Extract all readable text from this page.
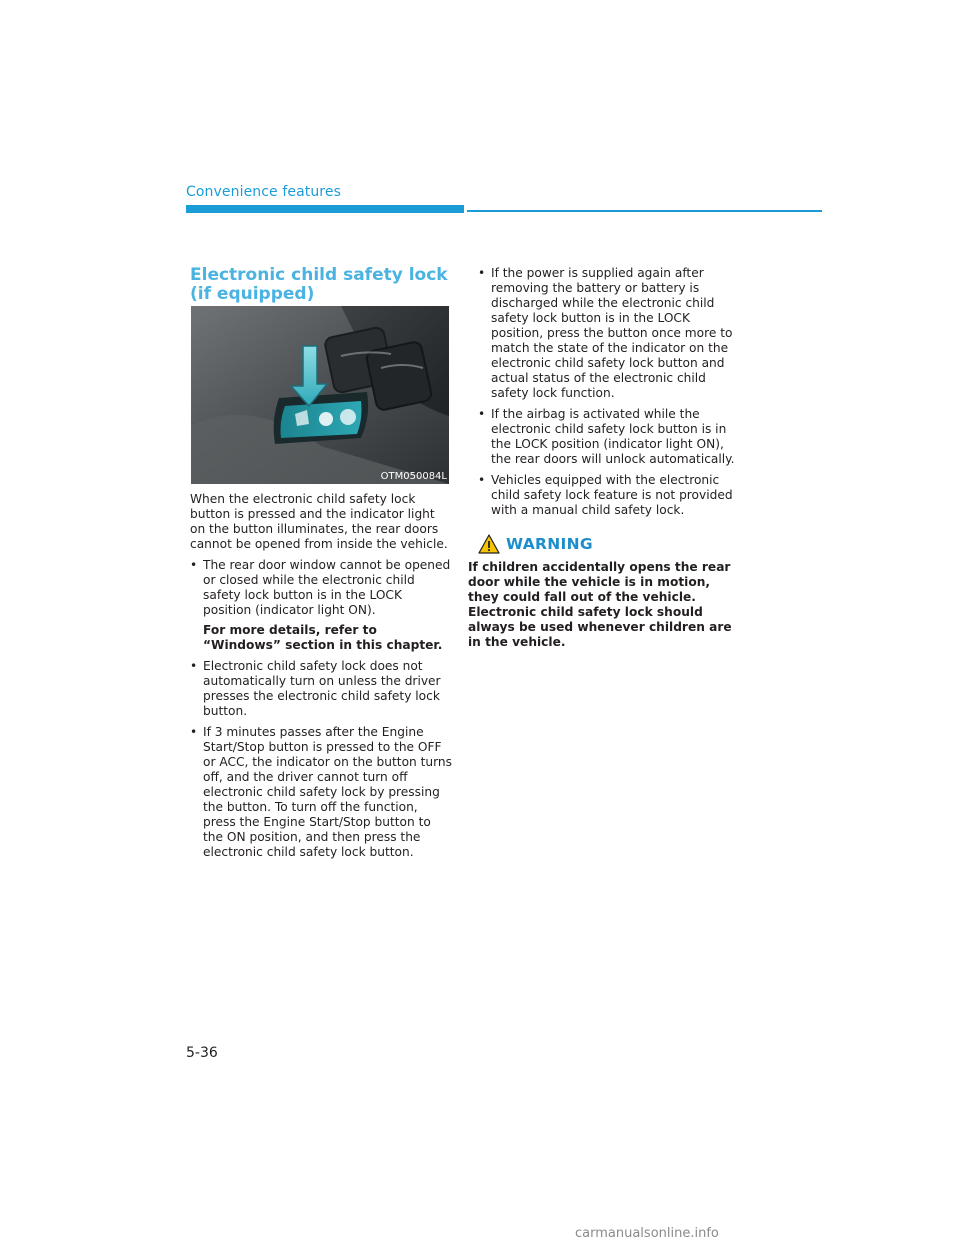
Convenience features
Electronic child safety lock (if equipped)
OTM050084L

When the electronic child safety lock button is pressed and the indicator light on the button illuminates, the rear doors cannot be opened from inside the vehicle.

• The rear door window cannot be opened or closed while the electronic child safety lock button is in the LOCK position (indicator light ON).
For more details, refer to “Windows” section in this chapter.
• Electronic child safety lock does not automatically turn on unless the driver presses the electronic child safety lock button.
• If 3 minutes passes after the Engine Start/Stop button is pressed to the OFF or ACC, the indicator on the button turns off, and the driver cannot turn off electronic child safety lock by pressing the button. To turn off the function, press the Engine Start/Stop button to the ON position, and then press the electronic child safety lock button.
• If the power is supplied again after removing the battery or battery is discharged while the electronic child safety lock button is in the LOCK position, press the button once more to match the state of the indicator on the electronic child safety lock button and actual status of the electronic child safety lock function.
• If the airbag is activated while the electronic child safety lock button is in the LOCK position (indicator light ON), the rear doors will unlock automatically.
• Vehicles equipped with the electronic child safety lock feature is not provided with a manual child safety lock.
WARNING

If children accidentally opens the rear door while the vehicle is in motion, they could fall out of the vehicle. Electronic child safety lock should always be used whenever children are in the vehicle.

5-36
carmanualsonline.info
